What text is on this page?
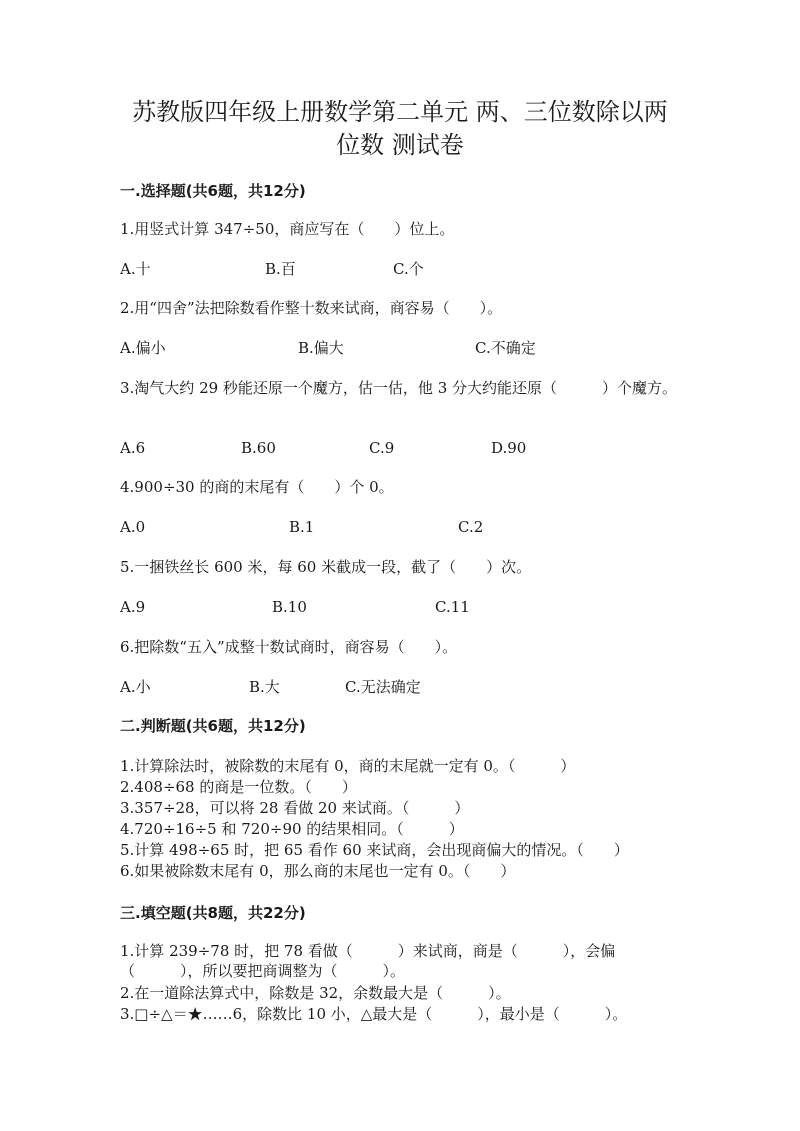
苏教版四年级上册数学第二单元 两、三位数除以两
位数 测试卷
一.选择题(共6题，共12分)
1.用竖式计算 347÷50，商应写在（　　）位上。
A.十	B.百	C.个
2.用“四舍”法把除数看作整十数来试商，商容易（　　）。
A.偏小	B.偏大	C.不确定
3.淘气大约 29 秒能还原一个魔方，估一估，他 3 分大约能还原（　　　）个魔方。
A.6	B.60	C.9	D.90
4.900÷30 的商的末尾有（　　）个 0。
A.0	B.1	C.2
5.一捆铁丝长 600 米，每 60 米截成一段，截了（　　）次。
A.9	B.10	C.11
6.把除数“五入”成整十数试商时，商容易（　　）。
A.小	B.大	C.无法确定
二.判断题(共6题，共12分)
1.计算除法时，被除数的末尾有 0，商的末尾就一定有 0。（　　　）
2.408÷68 的商是一位数。（　　）
3.357÷28，可以将 28 看做 20 来试商。（　　　）
4.720÷16÷5 和 720÷90 的结果相同。（　　　）
5.计算 498÷65 时，把 65 看作 60 来试商，会出现商偏大的情况。（　　）
6.如果被除数末尾有 0，那么商的末尾也一定有 0。（　　）
三.填空题(共8题，共22分)
1.计算 239÷78 时，把 78 看做（　　　）来试商，商是（　　　），会偏（　　　），所以要把商调整为（　　　）。
2.在一道除法算式中，除数是 32，余数最大是（　　　）。
3.□÷△＝★……6，除数比 10 小，△最大是（　　　），最小是（　　　）。
